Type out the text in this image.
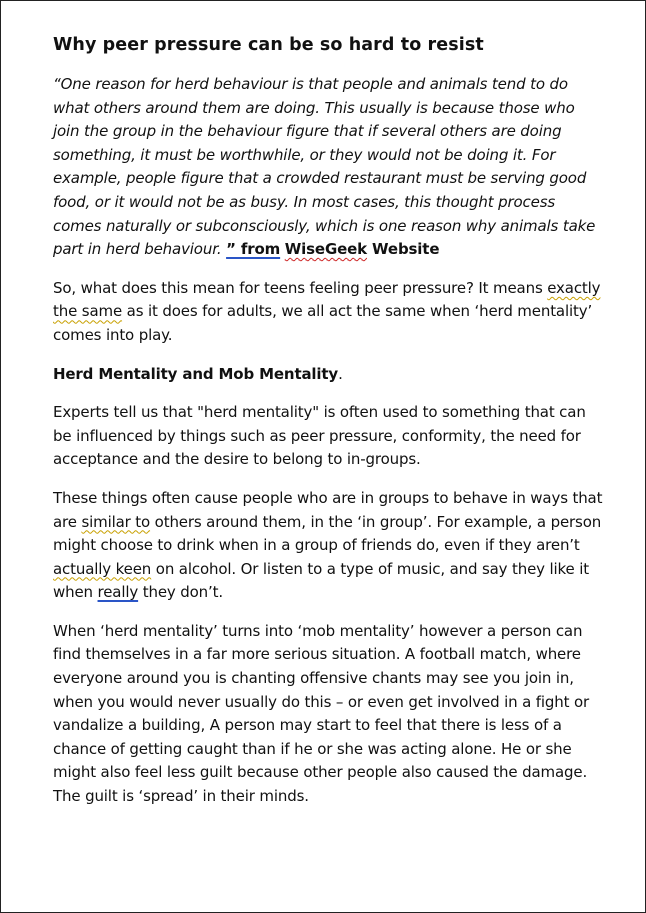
Why peer pressure can be so hard to resist

“One reason for herd behaviour is that people and animals tend to do what others around them are doing. This usually is because those who join the group in the behaviour figure that if several others are doing something, it must be worthwhile, or they would not be doing it. For example, people figure that a crowded restaurant must be serving good food, or it would not be as busy. In most cases, this thought process comes naturally or subconsciously, which is one reason why animals take part in herd behaviour. ” from WiseGeek Website

So, what does this mean for teens feeling peer pressure? It means exactly the same as it does for adults, we all act the same when ‘herd mentality’ comes into play.

Herd Mentality and Mob Mentality.

Experts tell us that "herd mentality" is often used to something that can be influenced by things such as peer pressure, conformity, the need for acceptance and the desire to belong to in-groups.

These things often cause people who are in groups to behave in ways that are similar to others around them, in the ‘in group’. For example, a person might choose to drink when in a group of friends do, even if they aren’t actually keen on alcohol. Or listen to a type of music, and say they like it when really they don’t.

When ‘herd mentality’ turns into ‘mob mentality’ however a person can find themselves in a far more serious situation. A football match, where everyone around you is chanting offensive chants may see you join in, when you would never usually do this – or even get involved in a fight or vandalize a building, A person may start to feel that there is less of a chance of getting caught than if he or she was acting alone. He or she might also feel less guilt because other people also caused the damage. The guilt is ‘spread’ in their minds.
